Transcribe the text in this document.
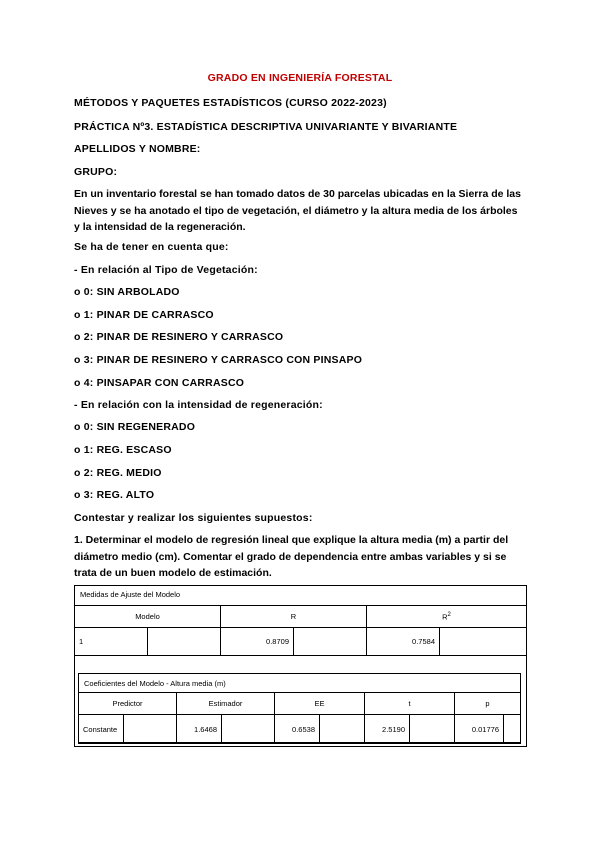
GRADO EN INGENIERÍA FORESTAL
MÉTODOS Y PAQUETES ESTADÍSTICOS (CURSO 2022-2023)
PRÁCTICA Nº3. ESTADÍSTICA DESCRIPTIVA UNIVARIANTE Y BIVARIANTE
APELLIDOS Y NOMBRE:
GRUPO:
En un inventario forestal se han tomado datos de 30 parcelas ubicadas en la Sierra de las Nieves y se ha anotado el tipo de vegetación, el diámetro y la altura media de los árboles y la intensidad de la regeneración.
Se ha de tener en cuenta que:
- En relación al Tipo de Vegetación:
o 0: SIN ARBOLADO
o 1: PINAR DE CARRASCO
o 2: PINAR DE RESINERO Y CARRASCO
o 3: PINAR DE RESINERO Y CARRASCO CON PINSAPO
o 4: PINSAPAR CON CARRASCO
- En relación con la intensidad de regeneración:
o 0: SIN REGENERADO
o 1: REG. ESCASO
o 2: REG. MEDIO
o 3: REG. ALTO
Contestar y realizar los siguientes supuestos:
1. Determinar el modelo de regresión lineal que explique la altura media (m) a partir del diámetro medio (cm). Comentar el grado de dependencia entre ambas variables y si se trata de un buen modelo de estimación.
Medidas de Ajuste del Modelo
Modelo		R		$R^2$
1		0.8709		0.7584	
Coeficientes del Modelo - Altura media (m)
Predictor		Estimador		EE		t		p	
Constante		1.6468		0.6538		2.5190		0.01776	
